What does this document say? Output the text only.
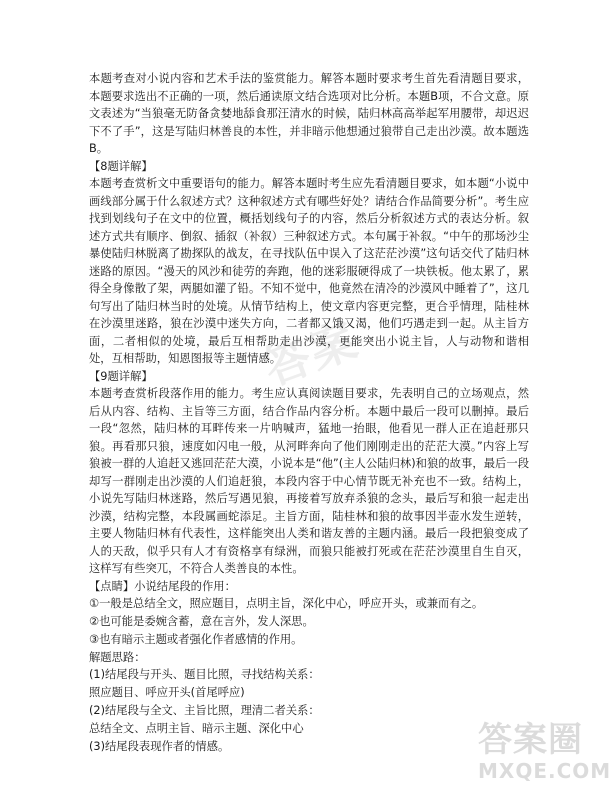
答案

本题考查对小说内容和艺术手法的鉴赏能力。解答本题时要求考生首先看清题目要求，本题要求选出不正确的一项，然后通读原文结合选项对比分析。本题B项，不合文意。原文表述为“当狼毫无防备贪婪地舔食那汪清水的时候，陆归林高高举起军用腰带，却迟迟下不了手”，这是写陆归林善良的本性，并非暗示他想通过狼带自己走出沙漠。故本题选B。

【8题详解】

本题考查赏析文中重要语句的能力。解答本题时考生应先看清题目要求，如本题“小说中画线部分属于什么叙述方式？这种叙述方式有哪些好处？请结合作品简要分析”。考生应找到划线句子在文中的位置，概括划线句子的内容，然后分析叙述方式的表达分析。叙述方式共有顺序、倒叙、插叙（补叙）三种叙述方式。本句属于补叙。“中午的那场沙尘暴使陆归林脱离了勘探队的战友，在寻找队伍中误入了这茫茫沙漠”这句话交代了陆归林迷路的原因。“漫天的风沙和徒劳的奔跑，他的迷彩服硬得成了一块铁板。他太累了，累得全身像散了架，两腿如灌了铅。不知不觉中，他竟然在清冷的沙漠风中睡着了”，这几句写出了陆归林当时的处境。从情节结构上，使文章内容更完整，更合乎情理，陆桂林在沙漠里迷路，狼在沙漠中迷失方向，二者都又饿又渴，他们巧遇走到一起。从主旨方面，二者相似的处境，最后互相帮助走出沙漠，更能突出小说主旨，人与动物和谐相处，互相帮助，知恩图报等主题情感。

【9题详解】

本题考查赏析段落作用的能力。考生应认真阅读题目要求，先表明自己的立场观点，然后从内容、结构、主旨等三方面，结合作品内容分析。本题中最后一段可以删掉。最后一段“忽然，陆归林的耳畔传来一片呐喊声，猛地一抬眼，他看见一群人正在追赶那只狼。再看那只狼，速度如闪电一般，从河畔奔向了他们刚刚走出的茫茫大漠。”内容上写狼被一群的人追赶又逃回茫茫大漠，小说本是“他”(主人公陆归林)和狼的故事，最后一段却写一群刚走出沙漠的人们追赶狼，本段内容于中心情节既无补充也不一致。结构上，小说先写陆归林迷路，然后写遇见狼，再接着写放弃杀狼的念头，最后写和狼一起走出沙漠，结构完整，本段属画蛇添足。主旨方面，陆桂林和狼的故事因半壶水发生逆转，主要人物陆归林有代表性，这样能突出人类和谐友善的主题内涵。最后一段把狼变成了人的天敌，似乎只有人才有资格享有绿洲，而狼只能被打死或在茫茫沙漠里自生自灭，这样写有些突兀，不符合人类善良的本性。

【点睛】小说结尾段的作用：

①一般是总结全文，照应题目，点明主旨，深化中心，呼应开头，或兼而有之。

②也可能是委婉含蓄，意在言外，发人深思。

③也有暗示主题或者强化作者感情的作用。

解题思路：

(1)结尾段与开头、题目比照，寻找结构关系：

照应题目、呼应开头(首尾呼应)

(2)结尾段与全文、主旨比照，理清二者关系：

总结全文、点明主旨、暗示主题、深化中心

(3)结尾段表现作者的情感。	答案圈
MXQE.COM
